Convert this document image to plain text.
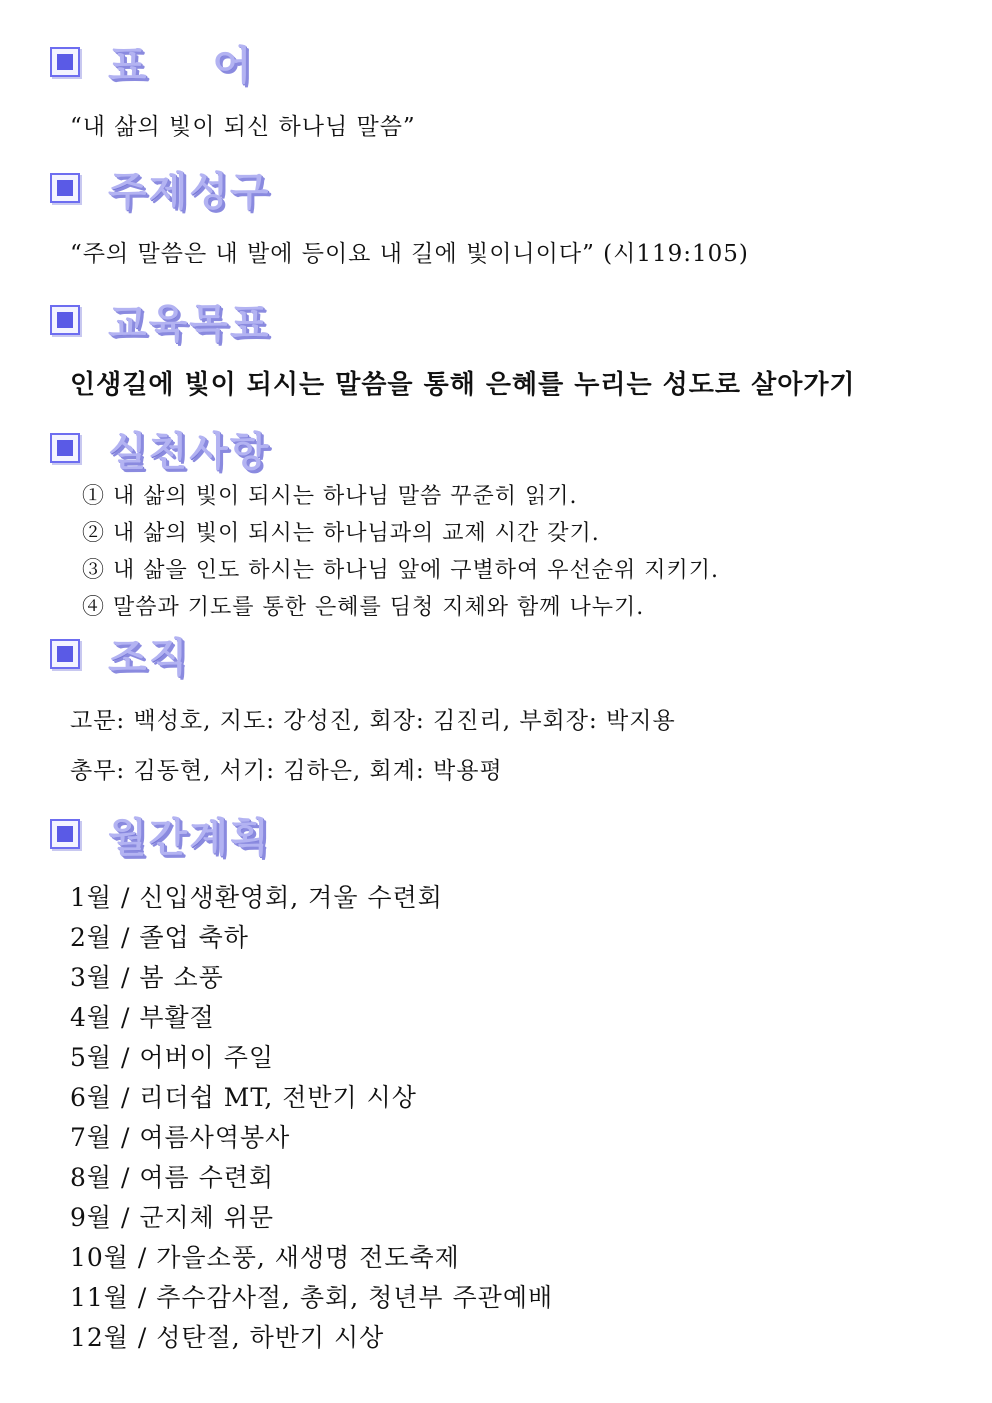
표 어
“내 삶의 빛이 되신 하나님 말씀”
주제성구
“주의 말씀은 내 발에 등이요 내 길에 빛이니이다” (시119:105)
교육목표
인생길에 빛이 되시는 말씀을 통해 은혜를 누리는 성도로 살아가기
실천사항
① 내 삶의 빛이 되시는 하나님 말씀 꾸준히 읽기.
② 내 삶의 빛이 되시는 하나님과의 교제 시간 갖기.
③ 내 삶을 인도 하시는 하나님 앞에 구별하여 우선순위 지키기.
④ 말씀과 기도를 통한 은혜를 딤청 지체와 함께 나누기.
조직
고문: 백성호, 지도: 강성진, 회장: 김진리, 부회장: 박지용
총무: 김동현, 서기: 김하은, 회계: 박용평
월간계획
1월 / 신입생환영회, 겨울 수련회
2월 / 졸업 축하
3월 / 봄 소풍
4월 / 부활절
5월 / 어버이 주일
6월 / 리더쉽 MT, 전반기 시상
7월 / 여름사역봉사
8월 / 여름 수련회
9월 / 군지체 위문
10월 / 가을소풍, 새생명 전도축제
11월 / 추수감사절, 총회, 청년부 주관예배
12월 / 성탄절, 하반기 시상
